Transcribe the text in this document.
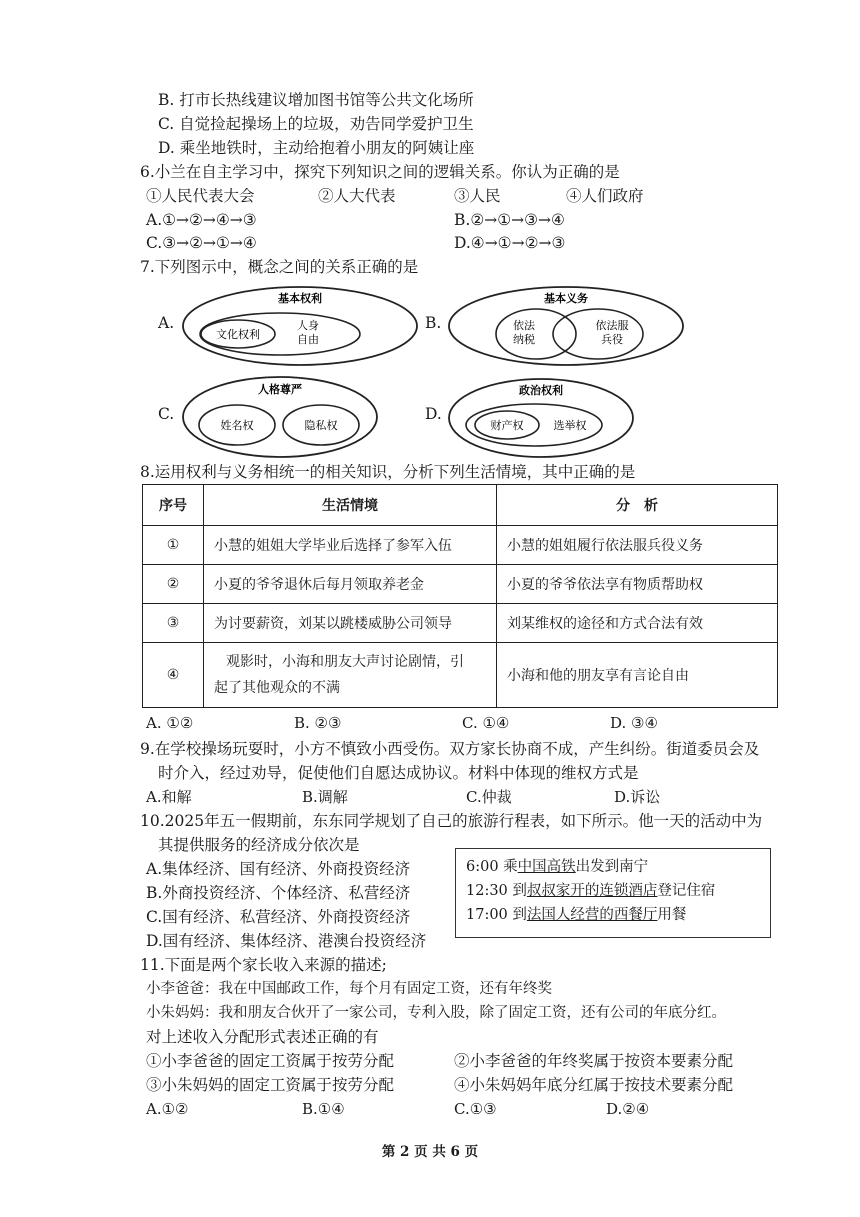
B. 打市长热线建议增加图书馆等公共文化场所
C. 自觉捡起操场上的垃圾，劝告同学爱护卫生
D. 乘坐地铁时，主动给抱着小朋友的阿姨让座
6.小兰在自主学习中，探究下列知识之间的逻辑关系。你认为正确的是
①人民代表大会	②人大代表	③人民	④人们政府
A.①→②→④→③	B.②→①→③→④
C.③→②→①→④	D.④→①→②→③
7.下列图示中，概念之间的关系正确的是
A.
基本权利
文化权利
人身
自由
B.
基本义务
依法
纳税
依法服
兵役
C.
人格尊严
姓名权	隐私权
D.
政治权利
财产权	选举权
8.运用权利与义务相统一的相关知识，分析下列生活情境，其中正确的是
序号	生活情境	分　析
①	小慧的姐姐大学毕业后选择了参军入伍	小慧的姐姐履行依法服兵役义务
②	小夏的爷爷退休后每月领取养老金	小夏的爷爷依法享有物质帮助权
③	为讨要薪资，刘某以跳楼威胁公司领导	刘某维权的途径和方式合法有效
④	观影时，小海和朋友大声讨论剧情，引
起了其他观众的不满	小海和他的朋友享有言论自由
A. ①②	B. ②③	C. ①④	D. ③④
9.在学校操场玩耍时，小方不慎致小西受伤。双方家长协商不成，产生纠纷。街道委员会及
时介入，经过劝导，促使他们自愿达成协议。材料中体现的维权方式是
A.和解	B.调解	C.仲裁	D.诉讼
10.2025年五一假期前，东东同学规划了自己的旅游行程表，如下所示。他一天的活动中为
其提供服务的经济成分依次是
A.集体经济、国有经济、外商投资经济
B.外商投资经济、个体经济、私营经济
C.国有经济、私营经济、外商投资经济
D.国有经济、集体经济、港澳台投资经济
6:00 乘中国高铁出发到南宁
12:30 到叔叔家开的连锁酒店登记住宿
17:00 到法国人经营的西餐厅用餐
11.下面是两个家长收入来源的描述;
小李爸爸：我在中国邮政工作，每个月有固定工资，还有年终奖
小朱妈妈：我和朋友合伙开了一家公司，专利入股，除了固定工资，还有公司的年底分红。
对上述收入分配形式表述正确的有
①小李爸爸的固定工资属于按劳分配	②小李爸爸的年终奖属于按资本要素分配
③小朱妈妈的固定工资属于按劳分配	④小朱妈妈年底分红属于按技术要素分配
A.①②	B.①④	C.①③	D.②④
第 2 页 共 6 页
